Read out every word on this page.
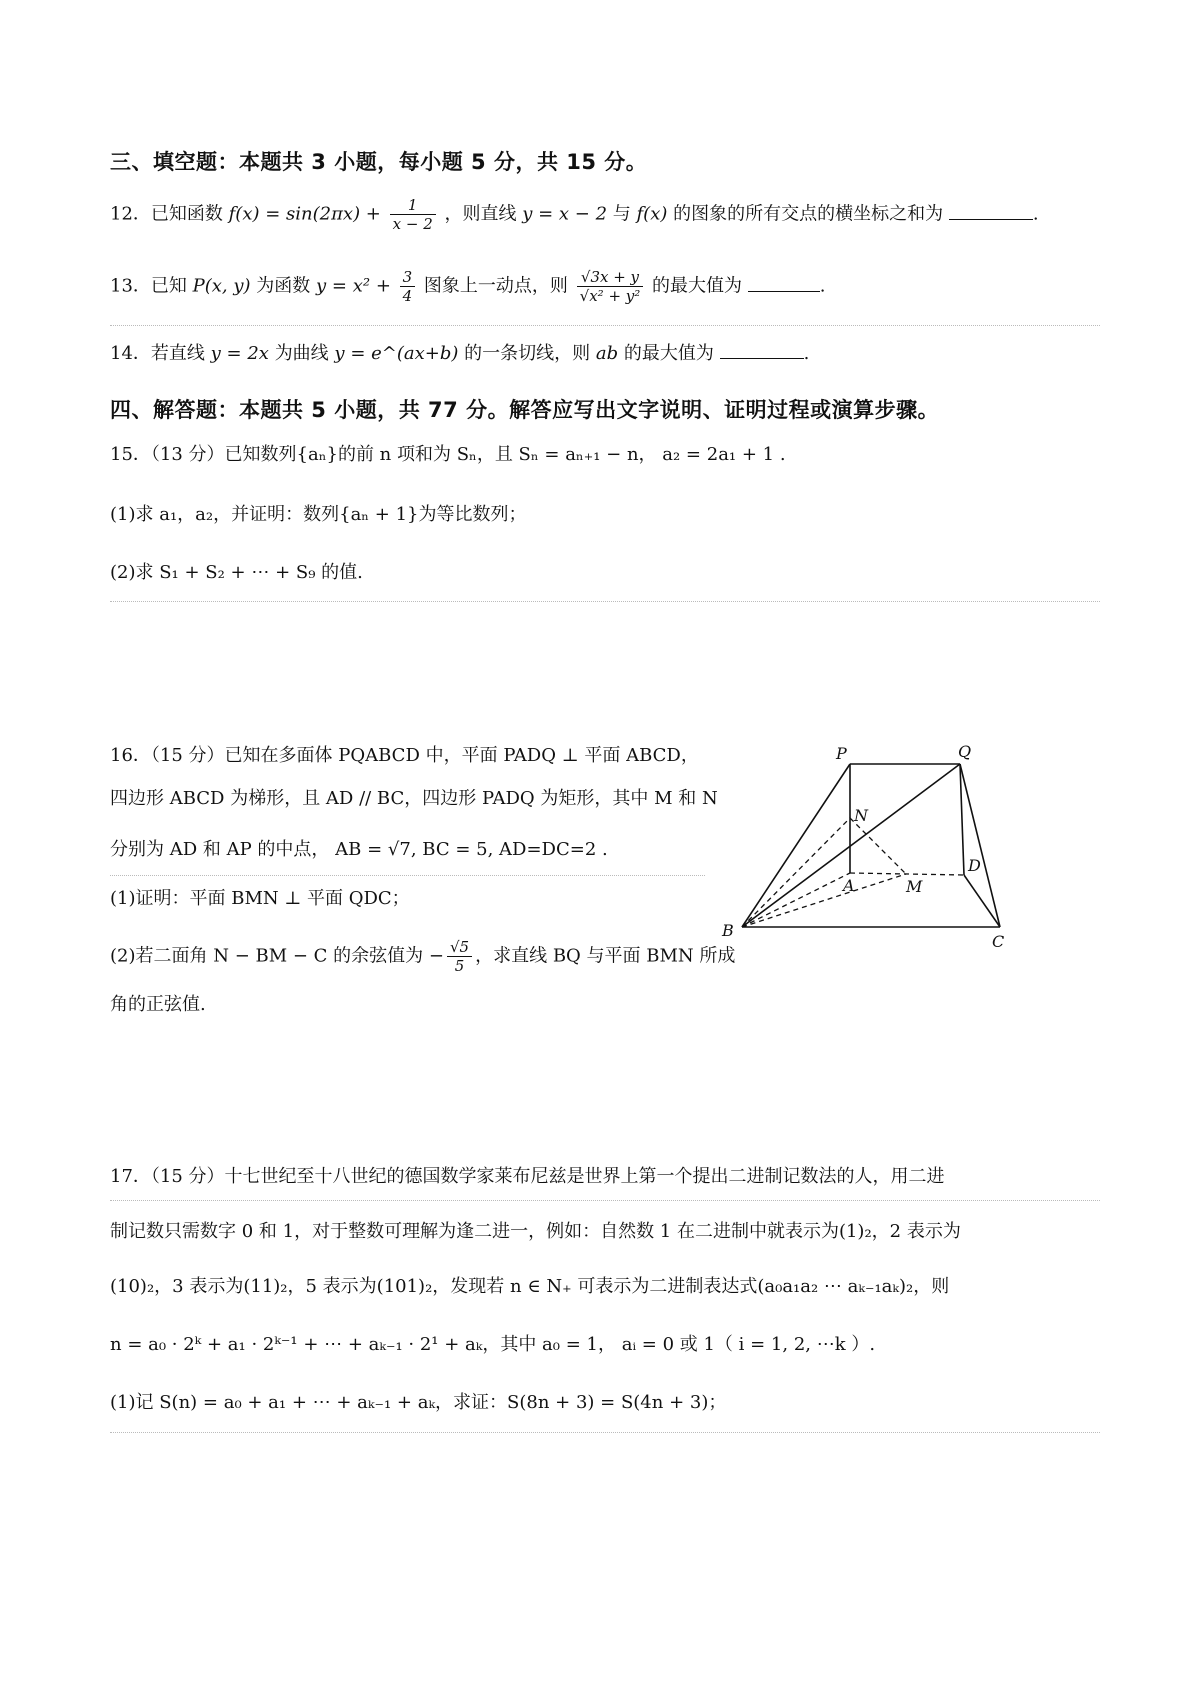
三、填空题：本题共 3 小题，每小题 5 分，共 15 分。
12．已知函数 $f(x) = \sin(2\pi x) + \frac{1}{x - 2}$ ，则直线 y = x − 2 与 f(x) 的图象的所有交点的横坐标之和为	.
13．已知 P(x, y) 为函数 $y = x^2 + \frac{3}{4}$ 图象上一动点，则 $\frac{√3x + y}{\text{√x² + y²}}$ 的最大值为	.
14．若直线 y = 2x 为曲线 y = e^(ax+b) 的一条切线，则 ab 的最大值为	.
四、解答题：本题共 5 小题，共 77 分。解答应写出文字说明、证明过程或演算步骤。
15．（13 分）已知数列{aₙ}的前 n 项和为 Sₙ，且 Sₙ = aₙ₊₁ − n， a₂ = 2a₁ + 1 .
(1)求 a₁，a₂，并证明：数列{aₙ + 1}为等比数列；
(2)求 S₁ + S₂ + ⋯ + S₉ 的值.
16．（15 分）已知在多面体 PQABCD 中，平面 PADQ ⊥ 平面 ABCD，
四边形 ABCD 为梯形，且 AD // BC，四边形 PADQ 为矩形，其中 M 和 N
分别为 AD 和 AP 的中点， AB = √7, BC = 5, AD=DC=2 .
(1)证明：平面 BMN ⊥ 平面 QDC；
(2)若二面角 N − BM − C 的余弦值为 − $\frac{√5}{5}$ ，求直线 BQ 与平面 BMN 所成
角的正弦值.
P	Q
N
D
A	M
B
C
17．（15 分）十七世纪至十八世纪的德国数学家莱布尼兹是世界上第一个提出二进制记数法的人，用二进
制记数只需数字 0 和 1，对于整数可理解为逢二进一，例如：自然数 1 在二进制中就表示为(1)₂，2 表示为
(10)₂，3 表示为(11)₂，5 表示为(101)₂，发现若 n ∈ N₊ 可表示为二进制表达式(a₀a₁a₂ ⋯ aₖ₋₁aₖ)₂，则
n = a₀ · 2ᵏ + a₁ · 2ᵏ⁻¹ + ⋯ + aₖ₋₁ · 2¹ + aₖ，其中 a₀ = 1， aᵢ = 0 或 1（ i = 1, 2, ⋯k ）.
(1)记 S(n) = a₀ + a₁ + ⋯ + aₖ₋₁ + aₖ，求证：S(8n + 3) = S(4n + 3)；
